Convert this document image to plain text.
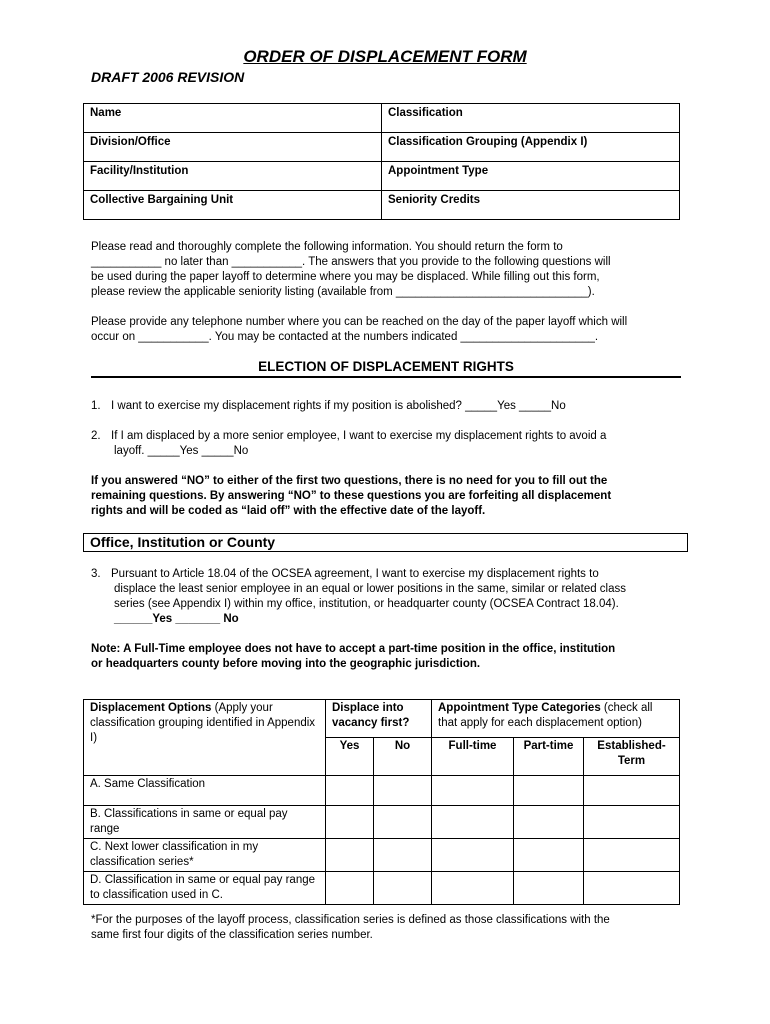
ORDER OF DISPLACEMENT FORM
DRAFT 2006 REVISION
Name	Classification
Division/Office	Classification Grouping (Appendix I)
Facility/Institution	Appointment Type
Collective Bargaining Unit	Seniority Credits
Please read and thoroughly complete the following information. You should return the form to
___________ no later than ___________. The answers that you provide to the following questions will
be used during the paper layoff to determine where you may be displaced. While filling out this form,
please review the applicable seniority listing (available from ______________________________).
Please provide any telephone number where you can be reached on the day of the paper layoff which will
occur on ___________. You may be contacted at the numbers indicated _____________________.
ELECTION OF DISPLACEMENT RIGHTS
1. I want to exercise my displacement rights if my position is abolished? _____Yes _____No
2. If I am displaced by a more senior employee, I want to exercise my displacement rights to avoid a
layoff. _____Yes _____No
If you answered “NO” to either of the first two questions, there is no need for you to fill out the
remaining questions. By answering “NO” to these questions you are forfeiting all displacement
rights and will be coded as “laid off” with the effective date of the layoff.
Office, Institution or County
3. Pursuant to Article 18.04 of the OCSEA agreement, I want to exercise my displacement rights to
displace the least senior employee in an equal or lower positions in the same, similar or related class
series (see Appendix I) within my office, institution, or headquarter county (OCSEA Contract 18.04).
______Yes _______ No
Note: A Full-Time employee does not have to accept a part-time position in the office, institution
or headquarters county before moving into the geographic jurisdiction.
Displacement Options (Apply your classification grouping identified in Appendix I)	Displace into vacancy first?		Appointment Type Categories (check all that apply for each displacement option)		
	Yes	No	Full-time	Part-time	Established-Term
A. Same Classification					
B. Classifications in same or equal pay range					
C. Next lower classification in my classification series*					
D. Classification in same or equal pay range to classification used in C.					
*For the purposes of the layoff process, classification series is defined as those classifications with the
same first four digits of the classification series number.
